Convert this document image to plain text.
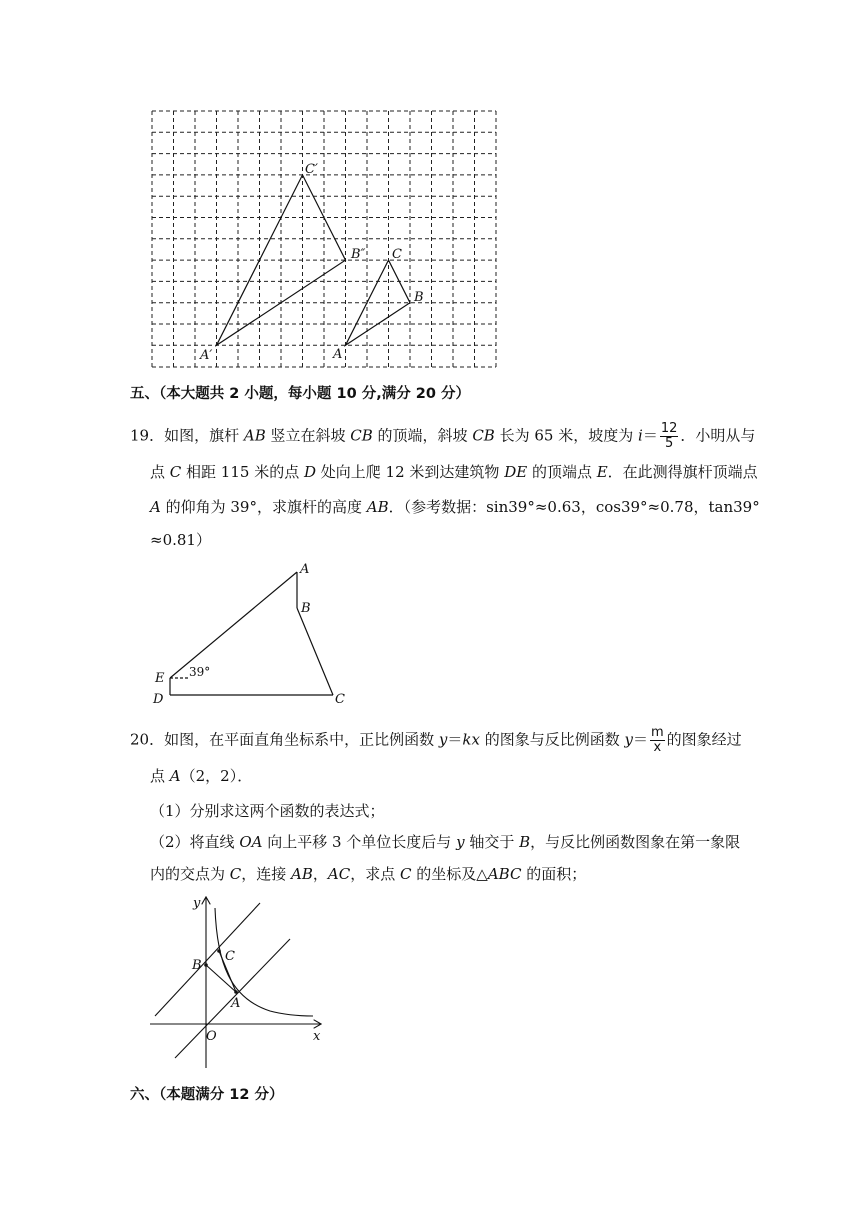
C′
B″ C
B
A′	A
五、（本大题共 2 小题，每小题 10 分,满分 20 分）
19．如图，旗杆 AB 竖立在斜坡 CB 的顶端，斜坡 CB 长为 65 米，坡度为 $i= \frac{12}{5}$ ．小明从与
点 C 相距 115 米的点 D 处向上爬 12 米到达建筑物 DE 的顶端点 E．在此测得旗杆顶端点
A 的仰角为 39°，求旗杆的高度 AB．（参考数据：sin39°≈0.63，cos39°≈0.78，tan39°
≈0.81）
A
B
E
D	C
39°
20．如图，在平面直角坐标系中，正比例函数 y＝kx 的图象与反比例函数 $y= \frac{m}{x}$ 的图象经过
点 A（2，2）．
（1）分别求这两个函数的表达式；
（2）将直线 OA 向上平移 3 个单位长度后与 y 轴交于 B，与反比例函数图象在第一象限
内的交点为 C，连接 AB，AC，求点 C 的坐标及△ABC 的面积；
y
x
O
A
B
C
六、（本题满分 12 分）
